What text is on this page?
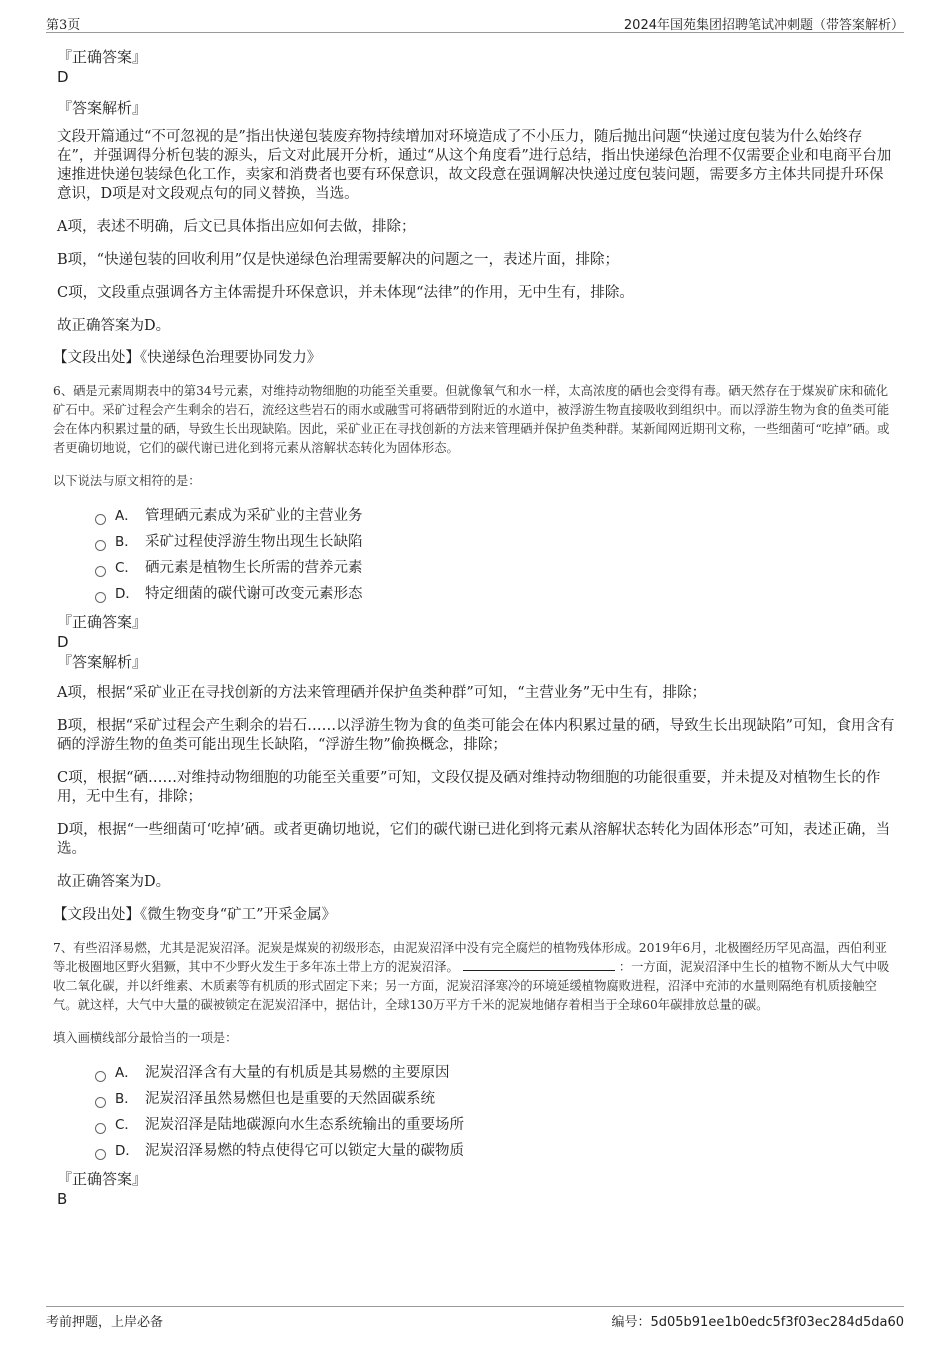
第3页	2024年国苑集团招聘笔试冲刺题（带答案解析）

『正确答案』

D

『答案解析』

文段开篇通过“不可忽视的是”指出快递包装废弃物持续增加对环境造成了不小压力，随后抛出问题“快递过度包装为什么始终存在”，并强调得分析包装的源头，后文对此展开分析，通过“从这个角度看”进行总结，指出快递绿色治理不仅需要企业和电商平台加速推进快递包装绿色化工作，卖家和消费者也要有环保意识，故文段意在强调解决快递过度包装问题，需要多方主体共同提升环保意识，D项是对文段观点句的同义替换，当选。

A项，表述不明确，后文已具体指出应如何去做，排除；

B项，“快递包装的回收利用”仅是快递绿色治理需要解决的问题之一，表述片面，排除；

C项，文段重点强调各方主体需提升环保意识，并未体现“法律”的作用，无中生有，排除。

故正确答案为D。

【文段出处】《快递绿色治理要协同发力》

6、硒是元素周期表中的第34号元素，对维持动物细胞的功能至关重要。但就像氧气和水一样，太高浓度的硒也会变得有毒。硒天然存在于煤炭矿床和硫化矿石中。采矿过程会产生剩余的岩石，流经这些岩石的雨水或融雪可将硒带到附近的水道中，被浮游生物直接吸收到组织中。而以浮游生物为食的鱼类可能会在体内积累过量的硒，导致生长出现缺陷。因此，采矿业正在寻找创新的方法来管理硒并保护鱼类种群。某新闻网近期刊文称，一些细菌可“吃掉”硒。或者更确切地说，它们的碳代谢已进化到将元素从溶解状态转化为固体形态。

以下说法与原文相符的是：

A． 管理硒元素成为采矿业的主营业务
B． 采矿过程使浮游生物出现生长缺陷
C． 硒元素是植物生长所需的营养元素
D． 特定细菌的碳代谢可改变元素形态

『正确答案』

D

『答案解析』

A项，根据“采矿业正在寻找创新的方法来管理硒并保护鱼类种群”可知，“主营业务”无中生有，排除；

B项，根据“采矿过程会产生剩余的岩石……以浮游生物为食的鱼类可能会在体内积累过量的硒，导致生长出现缺陷”可知，食用含有硒的浮游生物的鱼类可能出现生长缺陷，“浮游生物”偷换概念，排除；

C项，根据“硒……对维持动物细胞的功能至关重要”可知，文段仅提及硒对维持动物细胞的功能很重要，并未提及对植物生长的作用，无中生有，排除；

D项，根据“一些细菌可‘吃掉’硒。或者更确切地说，它们的碳代谢已进化到将元素从溶解状态转化为固体形态”可知，表述正确，当选。

故正确答案为D。

【文段出处】《微生物变身“矿工”开采金属》

7、有些沼泽易燃，尤其是泥炭沼泽。泥炭是煤炭的初级形态，由泥炭沼泽中没有完全腐烂的植物残体形成。2019年6月，北极圈经历罕见高温，西伯利亚等北极圈地区野火猖獗，其中不少野火发生于多年冻土带上方的泥炭沼泽。	：一方面，泥炭沼泽中生长的植物不断从大气中吸收二氧化碳，并以纤维素、木质素等有机质的形式固定下来；另一方面，泥炭沼泽寒冷的环境延缓植物腐败进程，沼泽中充沛的水量则隔绝有机质接触空气。就这样，大气中大量的碳被锁定在泥炭沼泽中，据估计，全球130万平方千米的泥炭地储存着相当于全球60年碳排放总量的碳。

填入画横线部分最恰当的一项是：

A． 泥炭沼泽含有大量的有机质是其易燃的主要原因
B． 泥炭沼泽虽然易燃但也是重要的天然固碳系统
C． 泥炭沼泽是陆地碳源向水生态系统输出的重要场所
D． 泥炭沼泽易燃的特点使得它可以锁定大量的碳物质

『正确答案』

B

考前押题，上岸必备	编号：5d05b91ee1b0edc5f3f03ec284d5da60
